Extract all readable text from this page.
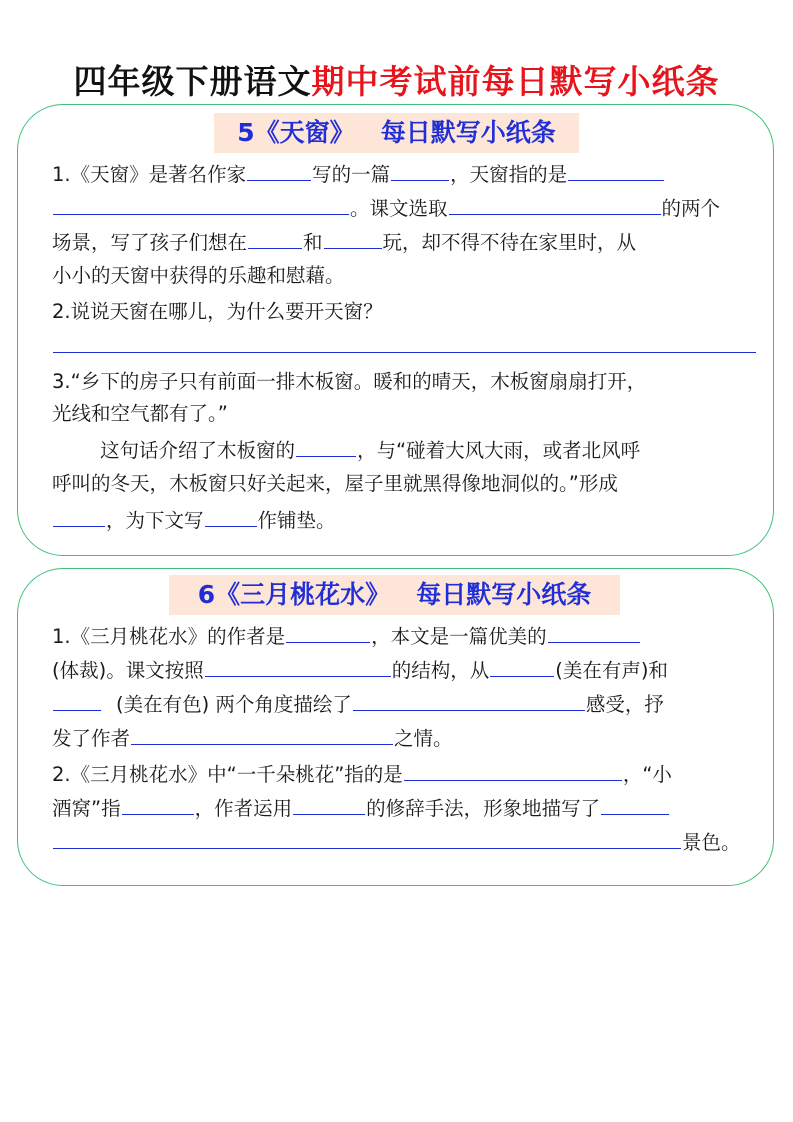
四年级下册语文期中考试前每日默写小纸条
5《天窗》 每日默写小纸条
1.《天窗》是著名作家	写的一篇	，天窗指的是
。课文选取	的两个
场景，写了孩子们想在	和	玩，却不得不待在家里时，从
小小的天窗中获得的乐趣和慰藉。
2.说说天窗在哪儿，为什么要开天窗？
3.“乡下的房子只有前面一排木板窗。暖和的晴天，木板窗扇扇打开，
光线和空气都有了。”
这句话介绍了木板窗的	，与“碰着大风大雨，或者北风呼
呼叫的冬天，木板窗只好关起来，屋子里就黑得像地洞似的。”形成
，为下文写	作铺垫。
6《三月桃花水》 每日默写小纸条
1.《三月桃花水》的作者是	，本文是一篇优美的
(体裁)。课文按照	的结构，从	(美在有声)和
(美在有色) 两个角度描绘了	感受，抒
发了作者	之情。
2.《三月桃花水》中“一千朵桃花”指的是	，“小
酒窝”指	，作者运用	的修辞手法，形象地描写了
景色。
